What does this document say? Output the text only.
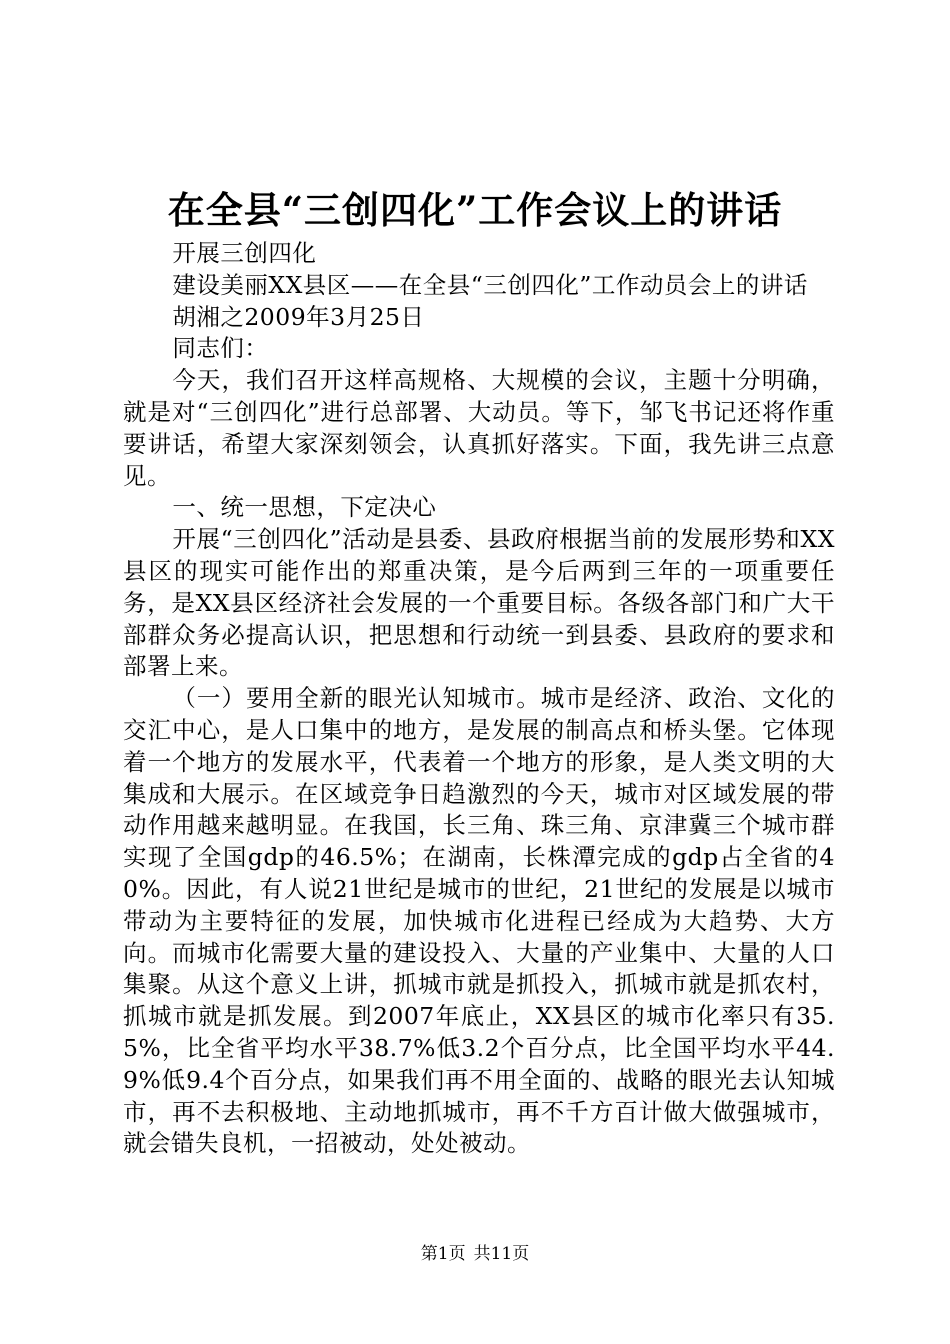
在全县“三创四化”工作会议上的讲话

开展三创四化

建设美丽XX县区——在全县“三创四化”工作动员会上的讲话

胡湘之2009年3月25日

同志们：

今天，我们召开这样高规格、大规模的会议，主题十分明确，就是对“三创四化”进行总部署、大动员。等下，邹飞书记还将作重要讲话，希望大家深刻领会，认真抓好落实。下面，我先讲三点意见。

一、统一思想，下定决心

开展“三创四化”活动是县委、县政府根据当前的发展形势和XX县区的现实可能作出的郑重决策，是今后两到三年的一项重要任务，是XX县区经济社会发展的一个重要目标。各级各部门和广大干部群众务必提高认识，把思想和行动统一到县委、县政府的要求和部署上来。

（一）要用全新的眼光认知城市。城市是经济、政治、文化的交汇中心，是人口集中的地方，是发展的制高点和桥头堡。它体现着一个地方的发展水平，代表着一个地方的形象，是人类文明的大集成和大展示。在区域竞争日趋激烈的今天，城市对区域发展的带动作用越来越明显。在我国，长三角、珠三角、京津冀三个城市群实现了全国gdp的46.5%；在湖南，长株潭完成的gdp占全省的40%。因此，有人说21世纪是城市的世纪，21世纪的发展是以城市带动为主要特征的发展，加快城市化进程已经成为大趋势、大方向。而城市化需要大量的建设投入、大量的产业集中、大量的人口集聚。从这个意义上讲，抓城市就是抓投入，抓城市就是抓农村，抓城市就是抓发展。到2007年底止，XX县区的城市化率只有35.5%，比全省平均水平38.7%低3.2个百分点，比全国平均水平44.9%低9.4个百分点，如果我们再不用全面的、战略的眼光去认知城市，再不去积极地、主动地抓城市，再不千方百计做大做强城市，就会错失良机，一招被动，处处被动。

第1页 共11页
